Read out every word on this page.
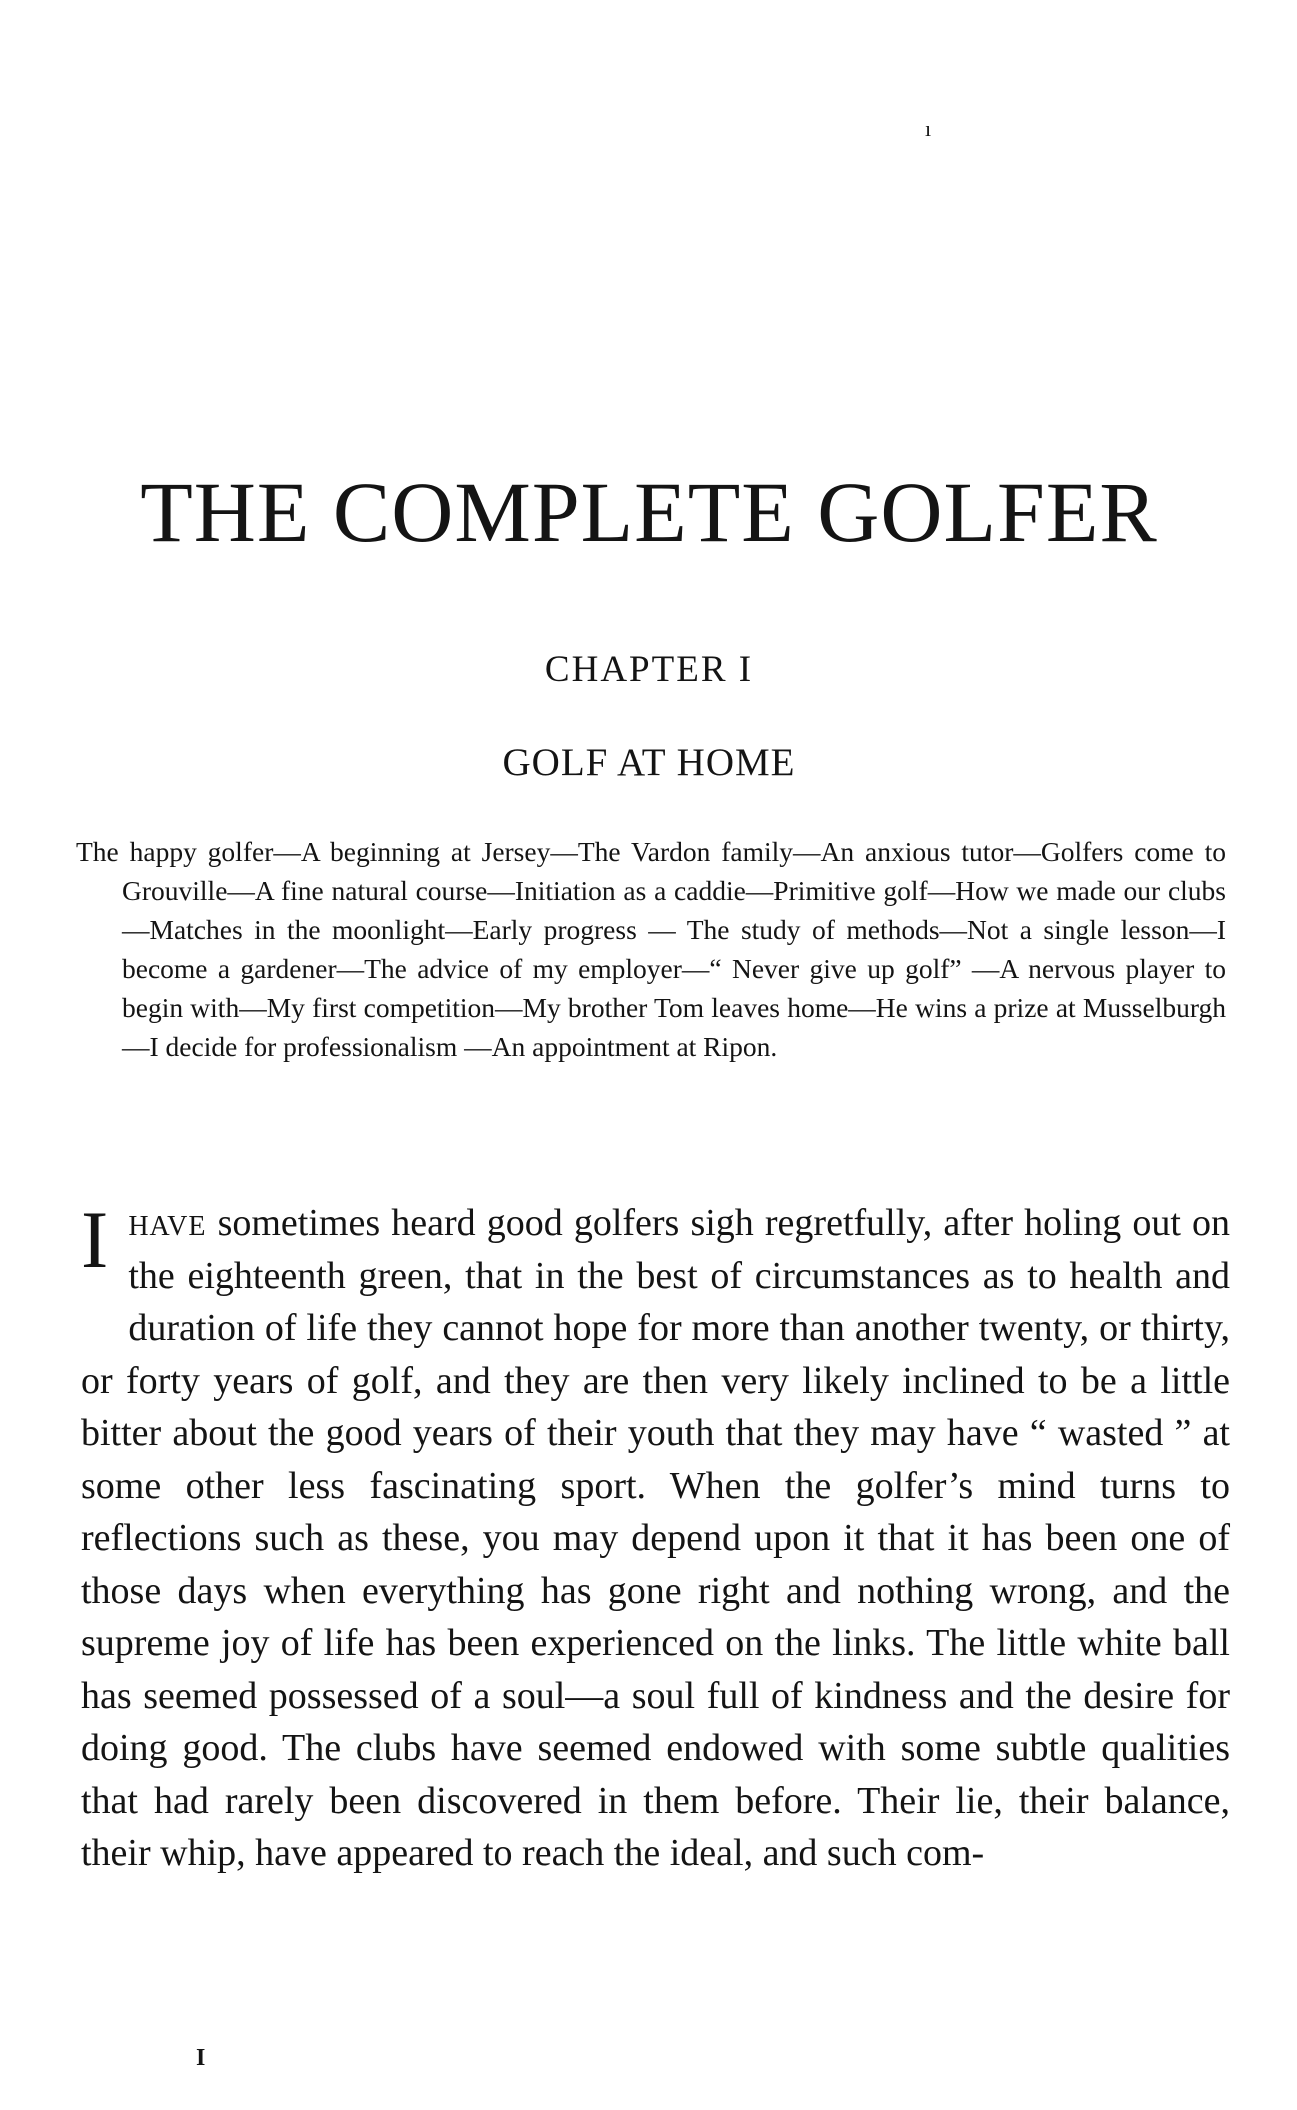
ı
THE COMPLETE GOLFER
CHAPTER I
GOLF AT HOME

The happy golfer—A beginning at Jersey—The Vardon family—An anxious tutor—Golfers come to Grouville—A fine natural course—Initiation as a caddie—Primitive golf—How we made our clubs—Matches in the moonlight—Early progress — The study of methods—Not a single lesson—I become a gardener—The advice of my employer—“ Never give up golf” —A nervous player to begin with—My first competition—My brother Tom leaves home—He wins a prize at Musselburgh—I decide for professionalism —An appointment at Ripon.

Ihave sometimes heard good golfers sigh regretfully, after holing out on the eighteenth green, that in the best of circumstances as to health and duration of life they cannot hope for more than another twenty, or thirty, or forty years of golf, and they are then very likely inclined to be a little bitter about the good years of their youth that they may have “ wasted ” at some other less fascinating sport. When the golfer’s mind turns to reflections such as these, you may depend upon it that it has been one of those days when everything has gone right and nothing wrong, and the supreme joy of life has been experienced on the links. The little white ball has seemed possessed of a soul—a soul full of kindness and the desire for doing good. The clubs have seemed endowed with some subtle qualities that had rarely been discovered in them before. Their lie, their balance, their whip, have appeared to reach the ideal, and such com-

I
